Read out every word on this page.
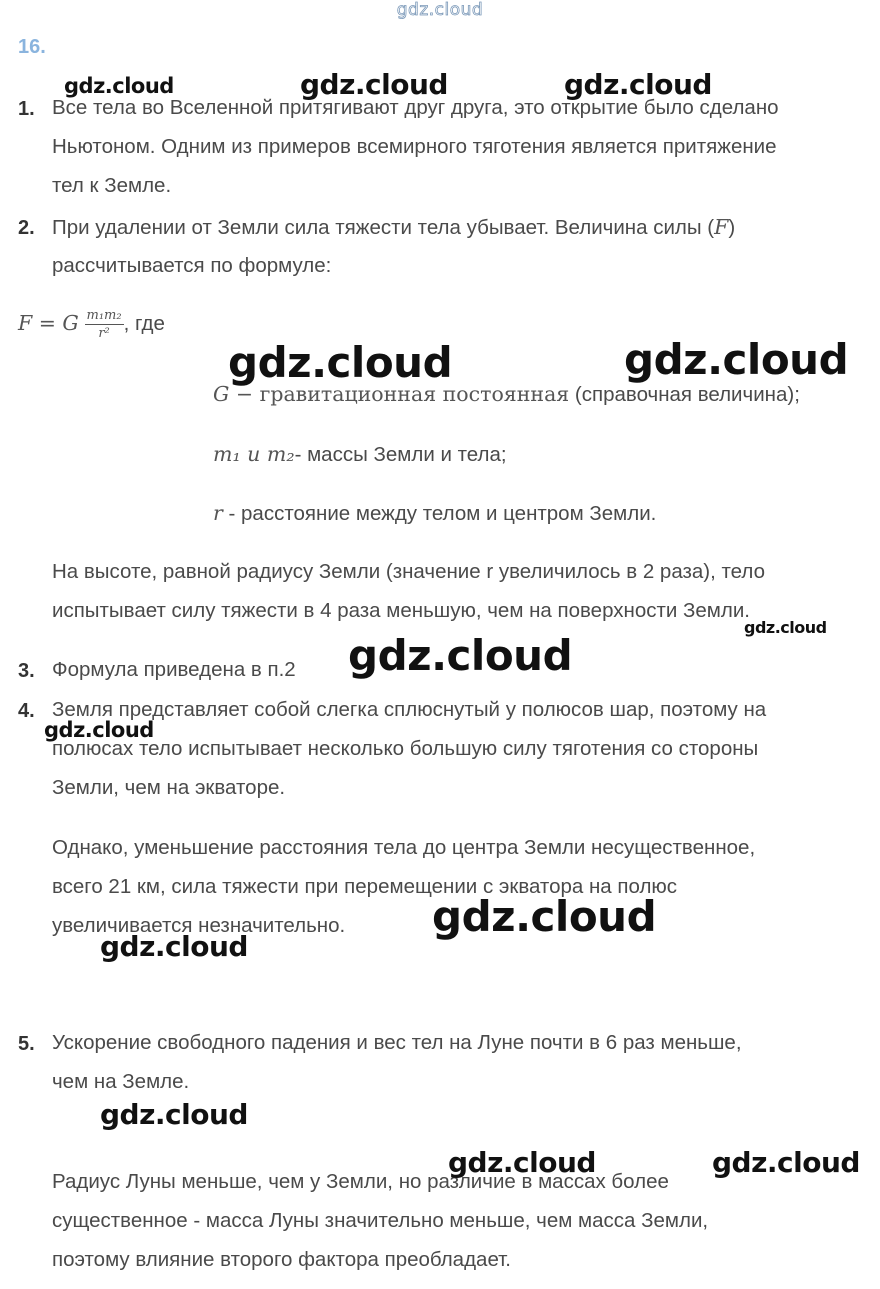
gdz.cloud
16.
1. Все тела во Вселенной притягивают друг друга, это открытие было сделано
Ньютоном. Одним из примеров всемирного тяготения является притяжение
тел к Земле.
2. При удалении от Земли сила тяжести тела убывает. Величина силы (F)
рассчитывается по формуле:
F = G $\frac{\text{m₁m₂}}{\text{r²}}$ , где
G − гравитационная постоянная (справочная величина);
m₁ и m₂- массы Земли и тела;
r - расстояние между телом и центром Земли.
На высоте, равной радиусу Земли (значение r увеличилось в 2 раза), тело
испытывает силу тяжести в 4 раза меньшую, чем на поверхности Земли.
3. Формула приведена в п.2
4. Земля представляет собой слегка сплюснутый у полюсов шар, поэтому на
полюсах тело испытывает несколько большую силу тяготения со стороны
Земли, чем на экваторе.
Однако, уменьшение расстояния тела до центра Земли несущественное,
всего 21 км, сила тяжести при перемещении с экватора на полюс
увеличивается незначительно.
5. Ускорение свободного падения и вес тел на Луне почти в 6 раз меньше,
чем на Земле.
Радиус Луны меньше, чем у Земли, но различие в массах более
существенное - масса Луны значительно меньше, чем масса Земли,
поэтому влияние второго фактора преобладает.
gdz.cloud	gdz.cloud	gdz.cloud
gdz.cloud	gdz.cloud
gdz.cloud
gdz.cloud
gdz.cloud
gdz.cloud
gdz.cloud
gdz.cloud
gdz.cloud	gdz.cloud
